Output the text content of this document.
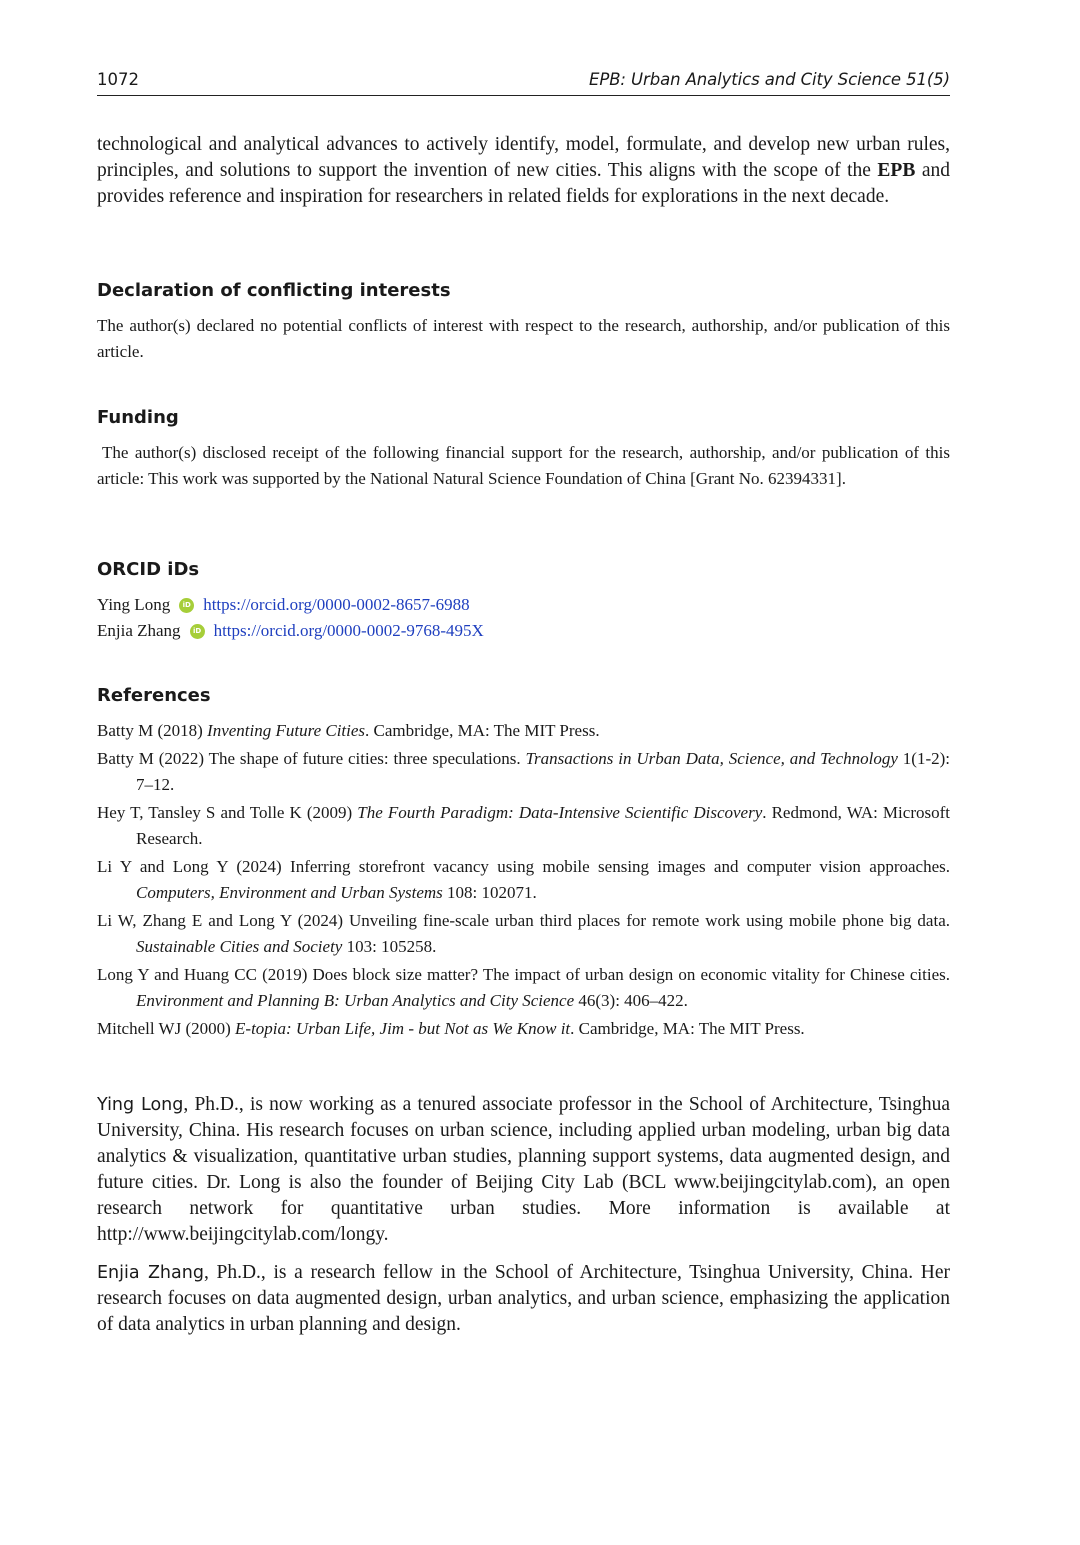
1072	EPB: Urban Analytics and City Science 51(5)

technological and analytical advances to actively identify, model, formulate, and develop new urban rules, principles, and solutions to support the invention of new cities. This aligns with the scope of the EPB and provides reference and inspiration for researchers in related fields for explorations in the next decade.

Declaration of conflicting interests

The author(s) declared no potential conflicts of interest with respect to the research, authorship, and/or publication of this article.

Funding

The author(s) disclosed receipt of the following financial support for the research, authorship, and/or publication of this article: This work was supported by the National Natural Science Foundation of China [Grant No. 62394331].

ORCID iDs
Ying Long iD https://orcid.org/0000-0002-8657-6988
Enjia Zhang iD https://orcid.org/0000-0002-9768-495X
References
Batty M (2018) Inventing Future Cities. Cambridge, MA: The MIT Press.
Batty M (2022) The shape of future cities: three speculations. Transactions in Urban Data, Science, and Technology 1(1-2): 7–12.
Hey T, Tansley S and Tolle K (2009) The Fourth Paradigm: Data-Intensive Scientific Discovery. Redmond, WA: Microsoft Research.
Li Y and Long Y (2024) Inferring storefront vacancy using mobile sensing images and computer vision approaches. Computers, Environment and Urban Systems 108: 102071.
Li W, Zhang E and Long Y (2024) Unveiling fine-scale urban third places for remote work using mobile phone big data. Sustainable Cities and Society 103: 105258.
Long Y and Huang CC (2019) Does block size matter? The impact of urban design on economic vitality for Chinese cities. Environment and Planning B: Urban Analytics and City Science 46(3): 406–422.
Mitchell WJ (2000) E-topia: Urban Life, Jim - but Not as We Know it. Cambridge, MA: The MIT Press.

Ying Long, Ph.D., is now working as a tenured associate professor in the School of Architecture, Tsinghua University, China. His research focuses on urban science, including applied urban modeling, urban big data analytics & visualization, quantitative urban studies, planning support systems, data augmented design, and future cities. Dr. Long is also the founder of Beijing City Lab (BCL www.beijingcitylab.com), an open research network for quantitative urban studies. More information is available at http://www.beijingcitylab.com/longy.

Enjia Zhang, Ph.D., is a research fellow in the School of Architecture, Tsinghua University, China. Her research focuses on data augmented design, urban analytics, and urban science, emphasizing the application of data analytics in urban planning and design.
